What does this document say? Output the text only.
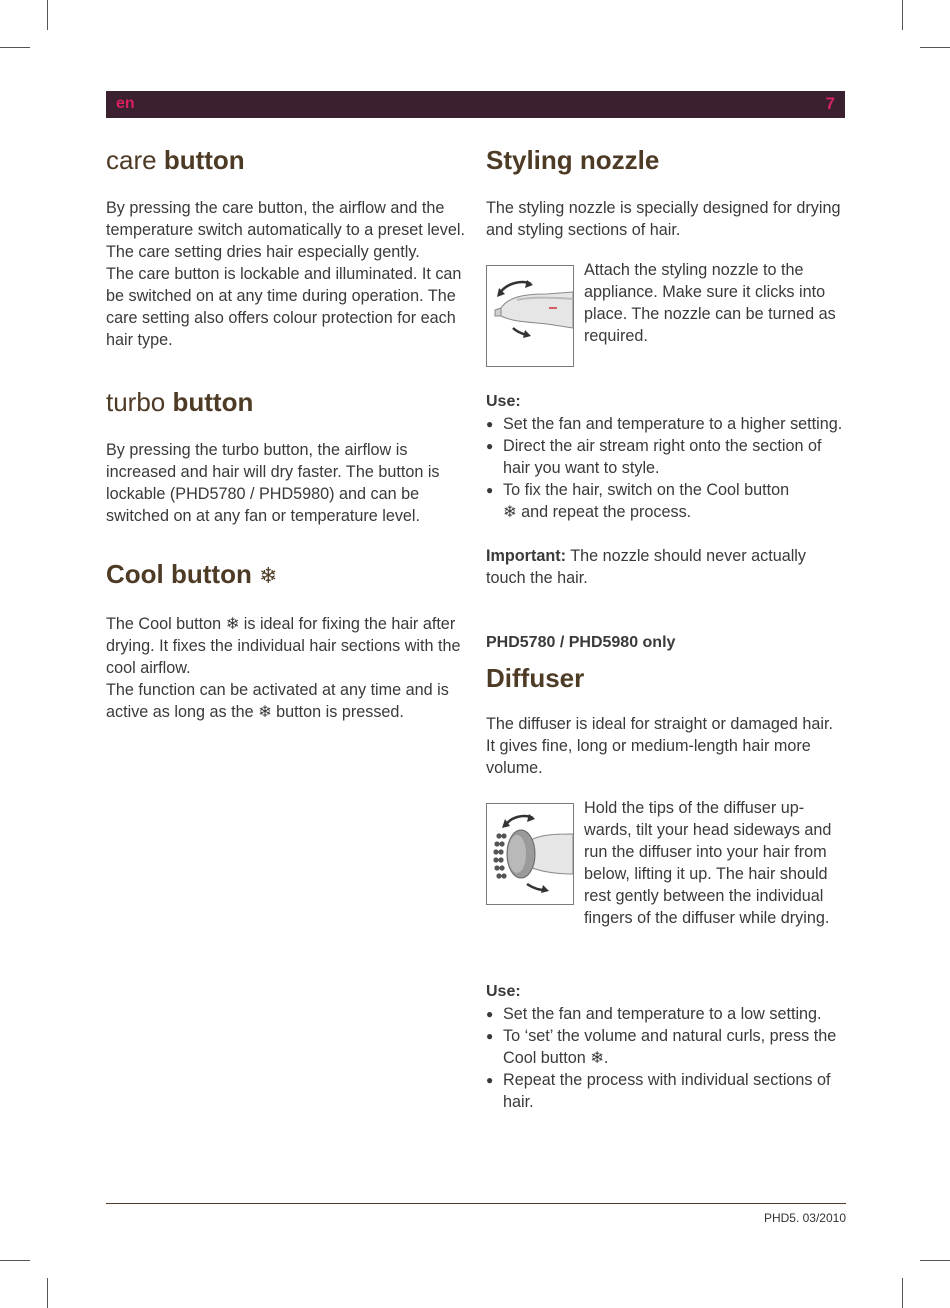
en	7
care button

By pressing the care button, the airflow and the temperature switch automatically to a preset level. The care setting dries hair especially gently.

The care button is lockable and illuminated. It can be switched on at any time during operation. The care setting also offers colour protection for each hair type.

turbo button

By pressing the turbo button, the airflow is increased and hair will dry faster. The button is lockable (PHD5780 / PHD5980) and can be switched on at any fan or temperature level.

Cool button ❄

The Cool button ❄ is ideal for fixing the hair after drying. It fixes the individual hair sections with the cool airflow.

The function can be activated at any time and is active as long as the ❄ button is pressed.

Styling nozzle

The styling nozzle is specially designed for drying and styling sections of hair.

Attach the styling nozzle to the appliance. Make sure it clicks into place. The nozzle can be turned as required.

Use:
● Set the fan and temperature to a higher setting.
● Direct the air stream right onto the section of hair you want to style.
● To fix the hair, switch on the Cool button
❄ and repeat the process.

Important: The nozzle should never actually touch the hair.

PHD5780 / PHD5980 only
Diffuser

The diffuser is ideal for straight or damaged hair. It gives fine, long or medium-length hair more volume.

Hold the tips of the diffuser upwards, tilt your head sideways and run the diffuser into your hair from below, lifting it up. The hair should rest gently between the individual fingers of the diffuser while drying.

Use:
● Set the fan and temperature to a low setting.
● To ‘set’ the volume and natural curls, press the Cool button ❄.
● Repeat the process with individual sections of hair.
PHD5. 03/2010
